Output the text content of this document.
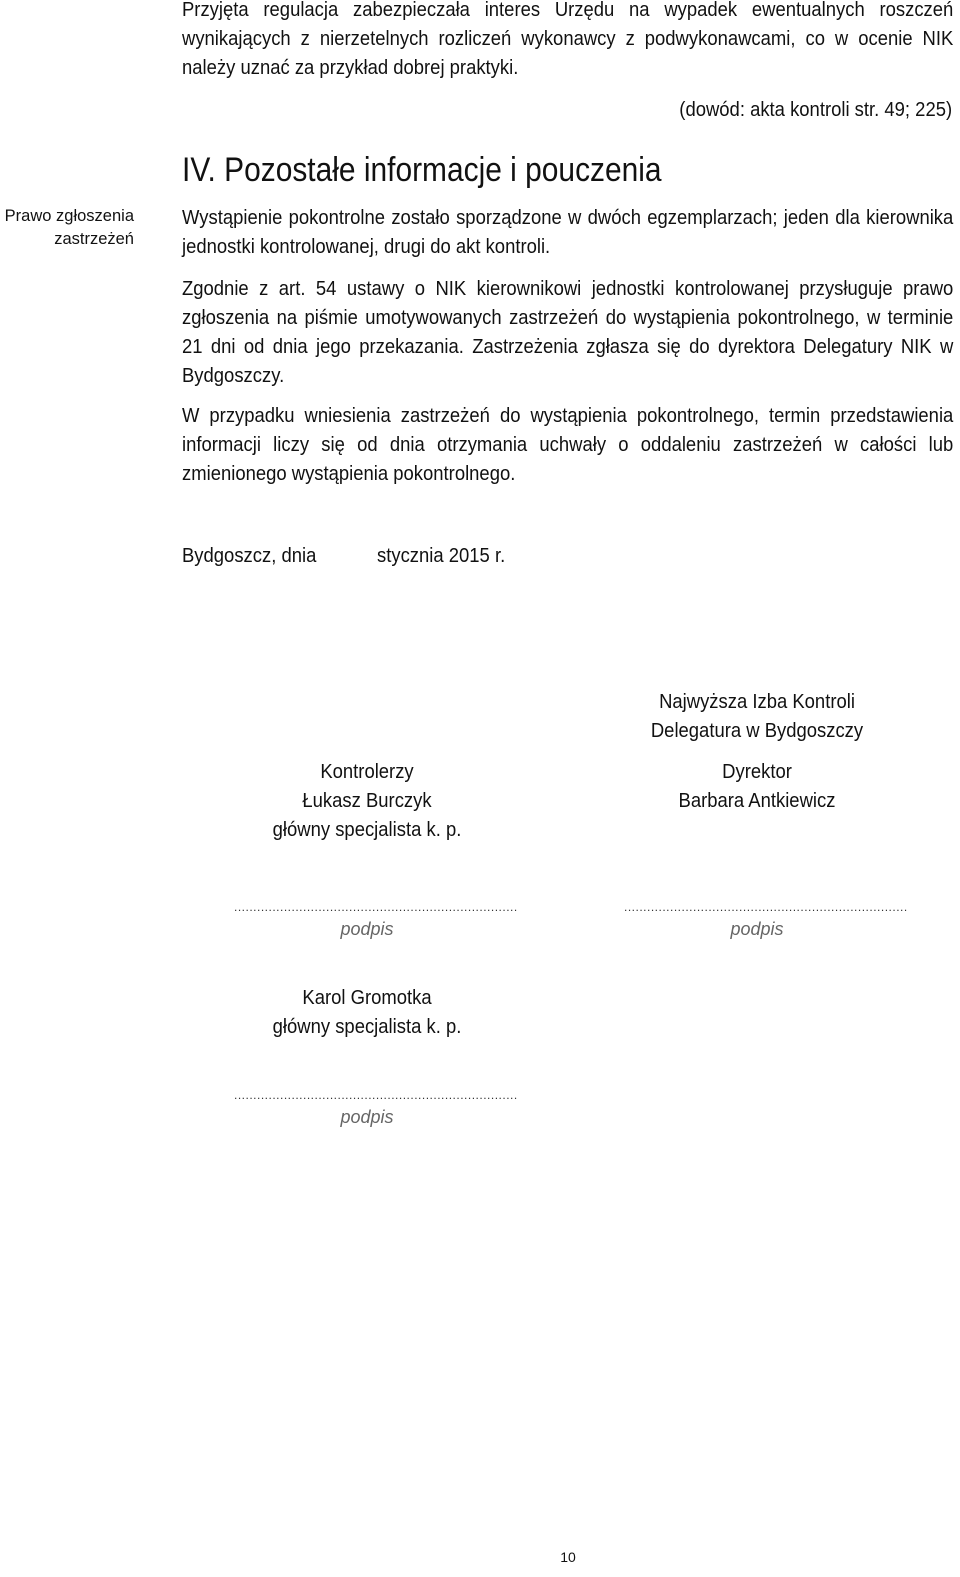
Przyjęta regulacja zabezpieczała interes Urzędu na wypadek ewentualnych roszczeń wynikających z nierzetelnych rozliczeń wykonawcy z podwykonawcami, co w ocenie NIK należy uznać za przykład dobrej praktyki.
(dowód: akta kontroli str. 49; 225)
IV. Pozostałe informacje i pouczenia
Prawo zgłoszenia zastrzeżeń
Wystąpienie pokontrolne zostało sporządzone w dwóch egzemplarzach; jeden dla kierownika jednostki kontrolowanej, drugi do akt kontroli.
Zgodnie z art. 54 ustawy o NIK kierownikowi jednostki kontrolowanej przysługuje prawo zgłoszenia na piśmie umotywowanych zastrzeżeń do wystąpienia pokontrolnego, w terminie 21 dni od dnia jego przekazania. Zastrzeżenia zgłasza się do dyrektora Delegatury NIK w Bydgoszczy.
W przypadku wniesienia zastrzeżeń do wystąpienia pokontrolnego, termin przedstawienia informacji liczy się od dnia otrzymania uchwały o oddaleniu zastrzeżeń w całości lub zmienionego wystąpienia pokontrolnego.
Bydgoszcz, dnia	stycznia 2015 r.
Najwyższa Izba Kontroli
Delegatura w Bydgoszczy
Kontrolerzy
Łukasz Burczyk
główny specjalista k. p.
Dyrektor
Barbara Antkiewicz
..........................................................................
podpis
..........................................................................
podpis
Karol Gromotka
główny specjalista k. p.
..........................................................................
podpis
10
